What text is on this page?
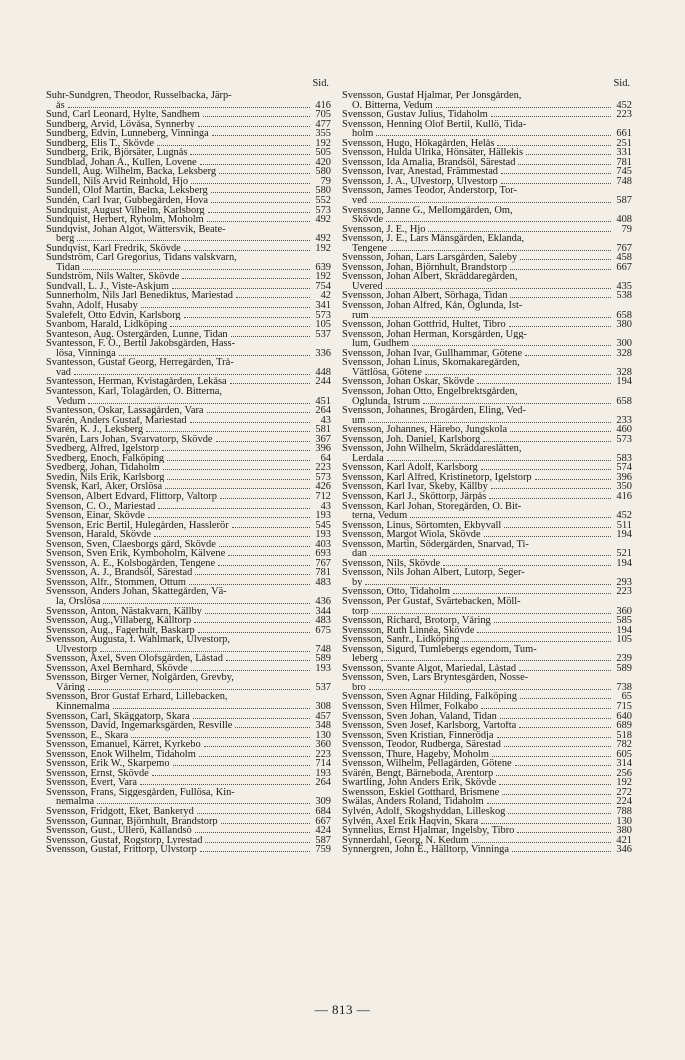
Sid.
Suhr-Sundgren, Theodor, Russelbacka, Järp-
ås	416
Sund, Carl Leonard, Hylte, Sandhem	705
Sundberg, Arvid, Lövåsa, Synnerby	477
Sundberg, Edvin, Lunneberg, Vinninga	355
Sundberg, Elis T., Skövde	192
Sundberg, Erik, Björsäter, Lugnås	505
Sundblad, Johan A., Kullen, Lovene	420
Sundell, Aug. Wilhelm, Backa, Leksberg	580
Sundell, Nils Arvid Reinhold, Hjo	79
Sundell, Olof Martin, Backa, Leksberg	580
Sundén, Carl Ivar, Gubbegården, Hova	552
Sundquist, August Vilhelm, Karlsborg	573
Sundquist, Herbert, Ryholm, Moholm	492
Sundqvist, Johan Algot, Wättersvik, Beate-
berg	492
Sundqvist, Karl Fredrik, Skövde	192
Sundström, Carl Gregorius, Tidans valskvarn,
Tidan	639
Sundström, Nils Walter, Skövde	192
Sundvall, L. J., Viste-Askjum	754
Sunnerholm, Nils Jarl Benediktus, Mariestad	42
Svahn, Adolf, Husaby	341
Svalefelt, Otto Edvin, Karlsborg	573
Svanbom, Harald, Lidköping	105
Svanteson, Aug. Östergården, Lunne, Tidan	537
Svantesson, F. O., Bertil Jakobsgården, Hass-
lösa, Vinninga	336
Svantesson, Gustaf Georg, Herregården, Trå-
vad	448
Svantesson, Herman, Kvistagården, Lekåsa	244
Svantesson, Karl, Tolagården, Ö. Bitterna,
Vedum	451
Svantesson, Oskar, Lassagården, Vara	264
Svarén, Anders Gustaf, Mariestad	43
Svarén, K. J., Leksberg	581
Svarén, Lars Johan, Svarvatorp, Skövde	367
Svedberg, Alfred, Igelstorp	396
Svedberg, Enoch, Falköping	64
Svedberg, Johan, Tidaholm	223
Svedin, Nils Erik, Karlsborg	573
Svensk, Karl, Åker, Örslösa	426
Svenson, Albert Edvard, Flittorp, Valtorp	712
Svenson, C. O., Mariestad	43
Svenson, Einar, Skövde	193
Svenson, Eric Bertil, Hulegården, Hasslerör	545
Svenson, Harald, Skövde	193
Svenson, Sven, Claesborgs gård, Skövde	403
Svenson, Sven Erik, Kymboholm, Kälvene	693
Svensson, A. E., Kolsbogården, Tengene	767
Svensson, A. J., Brandsöl, Särestad	781
Svensson, Alfr., Stommen, Öttum	483
Svensson, Anders Johan, Skattegården, Vä-
la, Örslösa	436
Svensson, Anton, Nästakvarn, Källby	344
Svensson, Aug.,Villaberg, Kålltorp	483
Svensson, Aug., Fagerhult, Baskarp	675
Svensson, Augusta, f. Wahlmark, Ulvestorp,
Ulvestorp	748
Svensson, Axel, Sven Olofsgården, Låstad	589
Svensson, Axel Bernhard, Skövde	193
Svensson, Birger Verner, Nolgården, Grevby,
Våring	537
Svensson, Bror Gustaf Erhard, Lillebacken,
Kinnemalma	308
Svensson, Carl, Skäggatorp, Skara	457
Svensson, David, Ingemarksgården, Resville	348
Svensson, E., Skara	130
Svensson, Emanuel, Kärret, Kyrkebo	360
Svensson, Enok Wilhelm, Tidaholm	223
Svensson, Erik W., Skarpemo	714
Svensson, Ernst, Skövde	193
Svensson, Evert, Vara	264
Svensson, Frans, Siggesgården, Fullösa, Kin-
nemalma	309
Svensson, Fridgott, Eket, Bankeryd	684
Svensson, Gunnar, Björnhult, Brandstorp	667
Svensson, Gust., Ullerö, Kållandsö	424
Svensson, Gustaf, Rogstorp, Lyrestad	587
Svensson, Gustaf, Frittorp, Ulvstorp	759
Sid.
Svensson, Gustaf Hjalmar, Per Jonsgården,
Ö. Bitterna, Vedum	452
Svensson, Gustav Julius, Tidaholm	223
Svensson, Henning Olof Bertil, Kullö, Tida-
holm	661
Svensson, Hugo, Hökagården, Helås	251
Svensson, Hulda Ulrika, Hönsäter, Hällekis	331
Svensson, Ida Amalia, Brandsöl, Särestad	781
Svensson, Ivar, Anestad, Främmestad	745
Svensson, J. A., Ulvestorp, Ulvestorp	748
Svensson, James Teodor, Anderstorp, Tor-
ved	587
Svensson, Janne G., Mellomgården, Öm,
Skövde	408
Svensson, J. E., Hjo	79
Svensson, J. E., Lars Månsgården, Eklanda,
Tengene	767
Svensson, Johan, Lars Larsgården, Saleby	458
Svensson, Johan, Björnhult, Brandstorp	667
Svensson, Johan Albert, Skräddaregården,
Uvered	435
Svensson, Johan Albert, Sörhaga, Tidan	538
Svensson, Johan Alfred, Kån, Öglunda, Ist-
rum	658
Svensson, Johan Gottfrid, Hultet, Tibro	380
Svensson, Johan Herman, Korsgården, Ugg-
lum, Gudhem	300
Svensson, Johan Ivar, Gullhammar, Götene	328
Svensson, Johan Linus, Skomakaregården,
Vättlösa, Götene	328
Svensson, Johan Oskar, Skövde	194
Svensson, Johan Otto, Engelbrektsgården,
Öglunda, Istrum	658
Svensson, Johannes, Brogården, Eling, Ved-
um	233
Svensson, Johannes, Härebo, Jungskola	460
Svensson, Joh. Daniel, Karlsborg	573
Svensson, John Wilhelm, Skräddareslätten,
Lerdala	583
Svensson, Karl Adolf, Karlsborg	574
Svensson, Karl Alfred, Kristinetorp, Igelstorp	396
Svensson, Karl Ivar, Skeby, Källby	350
Svensson, Karl J., Sköttorp, Järpås	416
Svensson, Karl Johan, Storegården, Ö. Bit-
terna, Vedum	452
Svensson, Linus, Sörtomten, Ekbyvall	511
Svensson, Margot Wiola, Skövde	194
Svensson, Martin, Södergården, Snarvad, Ti-
dan	521
Svensson, Nils, Skövde	194
Svensson, Nils Johan Albert, Lutorp, Seger-
by	293
Svensson, Otto, Tidaholm	223
Svensson, Per Gustaf, Svärtebacken, Möll-
torp	360
Svensson, Richard, Brotorp, Våring	585
Svensson, Ruth Linnéa, Skövde	194
Svensson, Sanfr., Lidköping	105
Svensson, Sigurd, Tumlebergs egendom, Tum-
leberg	239
Svensson, Svante Algot, Mariedal, Låstad	589
Svensson, Sven, Lars Bryntesgården, Nosse-
bro	738
Svensson, Sven Agnar Hilding, Falköping	65
Svensson, Sven Hilmer, Folkabo	715
Svensson, Sven Johan, Valand, Tidan	640
Svensson, Sven Josef, Karlsborg, Vartofta	689
Svensson, Sven Kristian, Finnerödja	518
Svensson, Teodor, Rudberga, Särestad	782
Svensson, Thure, Hageby, Moholm	605
Svensson, Wilhelm, Pellagården, Götene	314
Svärén, Bengt, Bärneboda, Arentorp	256
Swartling, John Anders Erik, Skövde	192
Swensson, Eskiel Gotthard, Brismene	272
Swälas, Anders Roland, Tidaholm	224
Sylvén, Adolf, Skogshyddan, Lilleskog	788
Sylvén, Axel Erik Haqvin, Skara	130
Synnelius, Ernst Hjalmar, Ingelsby, Tibro	380
Synnerdahl, Georg, N. Kedum	421
Synnergren, John E., Hälltorp, Vinninga	346
— 813 —
